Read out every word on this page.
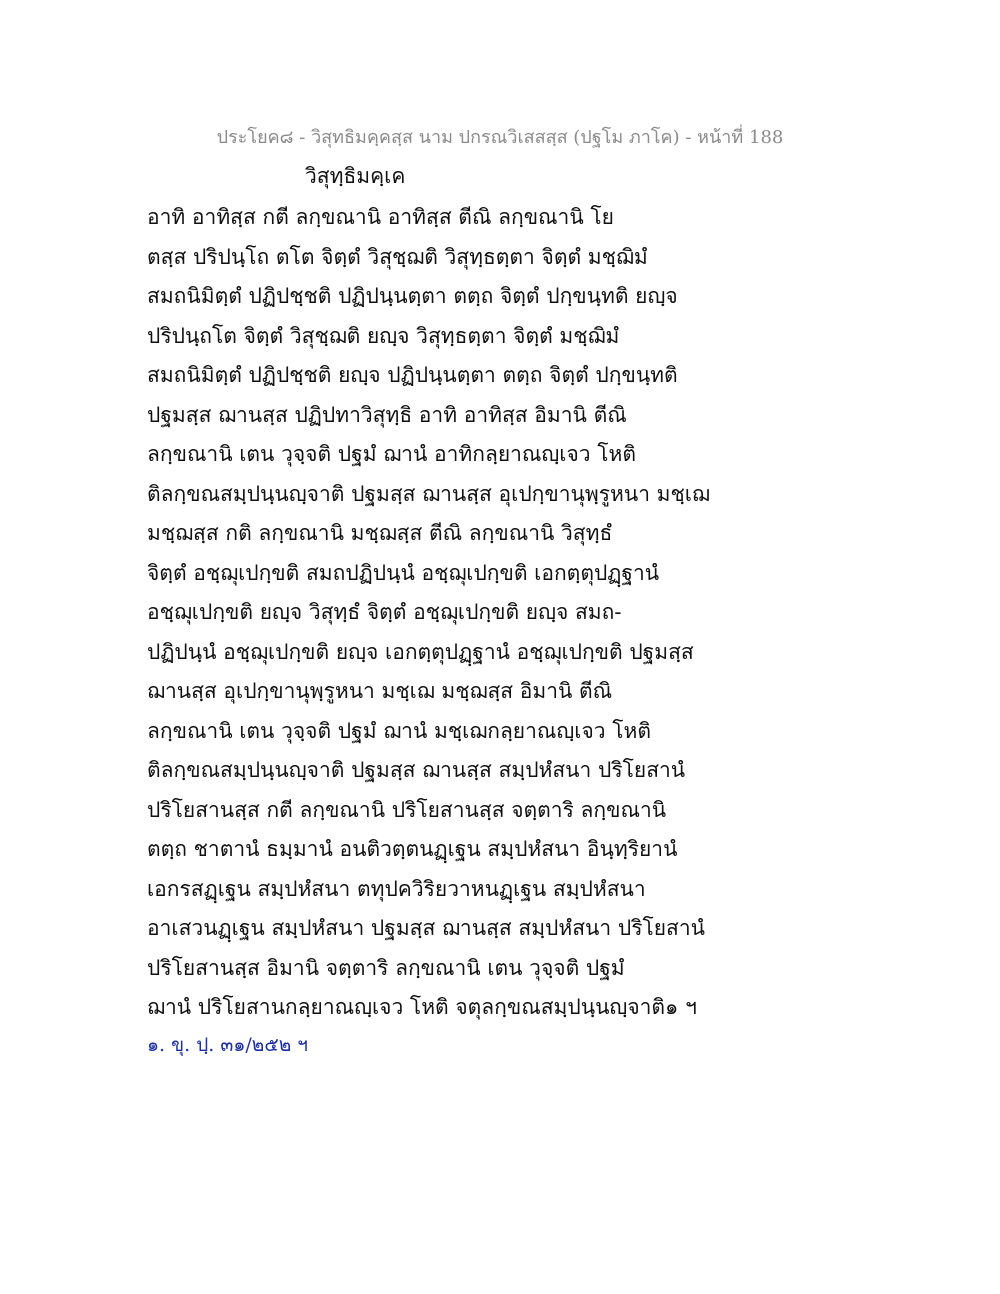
ประโยค๘ - วิสุทธิมคฺคสฺส นาม ปกรณวิเสสสฺส (ปฐโม ภาโค) - หน้าที่ 188
วิสุทฺธิมคฺเค
อาทิ อาทิสฺส กตี ลกฺขณานิ อาทิสฺส ตีณิ ลกฺขณานิ โย
ตสฺส ปริปนฺโถ ตโต จิตฺตํ วิสุชฺฌติ วิสุทฺธตฺตา จิตฺตํ มชฺฌิมํ
สมถนิมิตฺตํ ปฏิปชฺชติ ปฏิปนฺนตฺตา ตตฺถ จิตฺตํ ปกฺขนฺทติ ยญฺจ
ปริปนฺถโต จิตฺตํ วิสุชฺฌติ ยญฺจ วิสุทฺธตฺตา จิตฺตํ มชฺฌิมํ
สมถนิมิตฺตํ ปฏิปชฺชติ ยญฺจ ปฏิปนฺนตฺตา ตตฺถ จิตฺตํ ปกฺขนฺทติ
ปฐมสฺส ฌานสฺส ปฏิปทาวิสุทฺธิ อาทิ อาทิสฺส อิมานิ ตีณิ
ลกฺขณานิ เตน วุจฺจติ ปฐมํ ฌานํ อาทิกลฺยาณญฺเจว โหติ
ติลกฺขณสมฺปนฺนญฺจาติ ปฐมสฺส ฌานสฺส อุเปกฺขานุพฺรูหนา มชฺเฌ
มชฺฌสฺส กติ ลกฺขณานิ มชฺฌสฺส ตีณิ ลกฺขณานิ วิสุทฺธํ
จิตฺตํ อชฺฌุเปกฺขติ สมถปฏิปนฺนํ อชฺฌุเปกฺขติ เอกตฺตุปฏฺฐานํ
อชฺฌุเปกฺขติ ยญฺจ วิสุทฺธํ จิตฺตํ อชฺฌุเปกฺขติ ยญฺจ สมถ-
ปฏิปนฺนํ อชฺฌุเปกฺขติ ยญฺจ เอกตฺตุปฏฺฐานํ อชฺฌุเปกฺขติ ปฐมสฺส
ฌานสฺส อุเปกฺขานุพฺรูหนา มชฺเฌ มชฺฌสฺส อิมานิ ตีณิ
ลกฺขณานิ เตน วุจฺจติ ปฐมํ ฌานํ มชฺเฌกลฺยาณญฺเจว โหติ
ติลกฺขณสมฺปนฺนญฺจาติ ปฐมสฺส ฌานสฺส สมฺปหํสนา ปริโยสานํ
ปริโยสานสฺส กตี ลกฺขณานิ ปริโยสานสฺส จตฺตาริ ลกฺขณานิ
ตตฺถ ชาตานํ ธมฺมานํ อนติวตฺตนฏฺเฐน สมฺปหํสนา อินฺทฺริยานํ
เอกรสฏฺเฐน สมฺปหํสนา ตทุปควิริยวาหนฏฺเฐน สมฺปหํสนา
อาเสวนฏฺเฐน สมฺปหํสนา ปฐมสฺส ฌานสฺส สมฺปหํสนา ปริโยสานํ
ปริโยสานสฺส อิมานิ จตฺตาริ ลกฺขณานิ เตน วุจฺจติ ปฐมํ
ฌานํ ปริโยสานกลฺยาณญฺเจว โหติ จตุลกฺขณสมฺปนฺนญฺจาติ๑ ฯ
๑. ขุ. ปฺ. ๓๑/๒๕๒ ฯ
